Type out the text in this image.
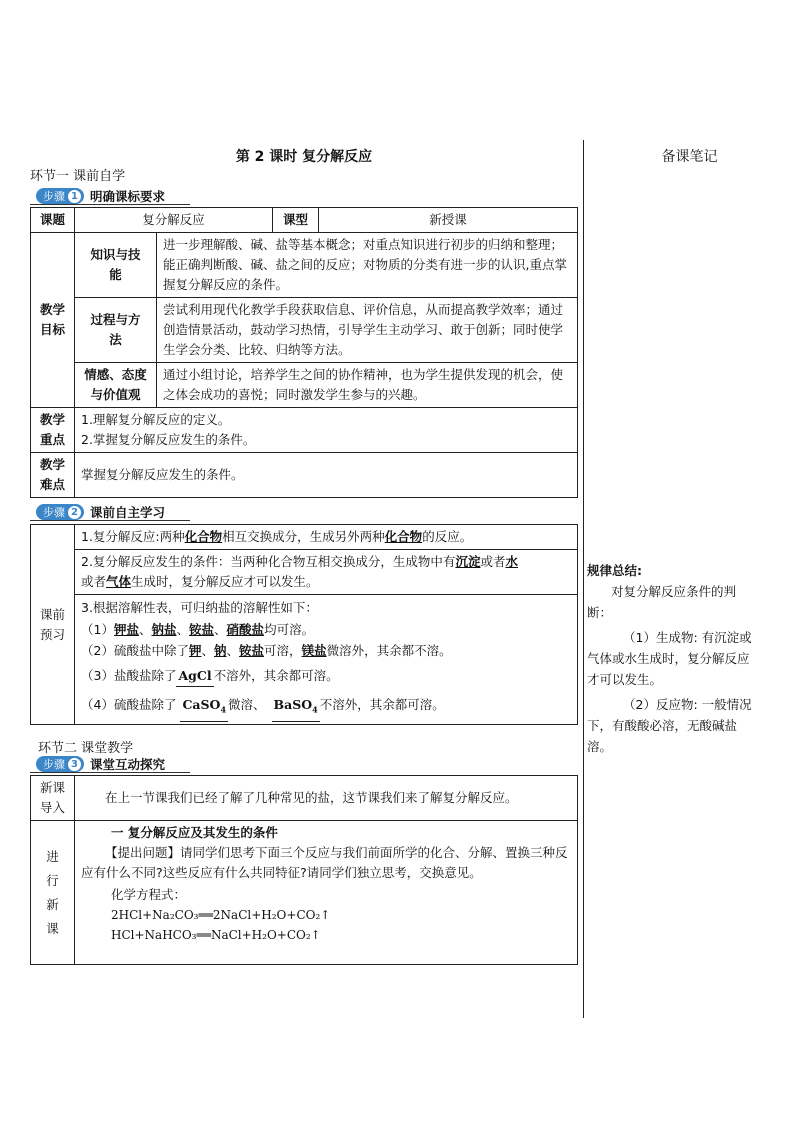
第 2 课时 复分解反应	备课笔记
环节一 课前自学
步骤 1 明确课标要求
课题	复分解反应		课型	新授课
教学目标	知识与技能	进一步理解酸、碱、盐等基本概念；对重点知识进行初步的归纳和整理；能正确判断酸、碱、盐之间的反应；对物质的分类有进一步的认识,重点掌握复分解反应的条件。		
	过程与方法	尝试利用现代化教学手段获取信息、评价信息，从而提高教学效率；通过创造情景活动，鼓动学习热情，引导学生主动学习、敢于创新；同时使学生学会分类、比较、归纳等方法。		
	情感、态度与价值观	通过小组讨论，培养学生之间的协作精神，也为学生提供发现的机会，使之体会成功的喜悦；同时激发学生参与的兴趣。		
教学重点	1.理解复分解反应的定义。
2.掌握复分解反应发生的条件。			

教学难点	掌握复分解反应发生的条件。			
步骤 2 课前自主学习
课前预习	1.复分解反应:两种化合物相互交换成分，生成另外两种化合物的反应。
2.复分解反应发生的条件：当两种化合物互相交换成分，生成物中有沉淀或者水
或者气体生成时，复分解反应才可以发生。

3.根据溶解性表，可归纳盐的溶解性如下：
（1）钾盐、钠盐、铵盐、硝酸盐均可溶。
（2）硫酸盐中除了钾、钠、铵盐可溶，镁盐微溶外，其余都不溶。
（3）盐酸盐除了 AgCl 不溶外，其余都可溶。
（4）硫酸盐除了 CaSO$_4$ 微溶、 BaSO$_4$ 不溶外，其余都可溶。
环节二 课堂教学
步骤 3 课堂互动探究
新课导入	在上一节课我们已经了解了几种常见的盐，这节课我们来了解复分解反应。
进行新课	一 复分解反应及其发生的条件
【提出问题】请同学们思考下面三个反应与我们前面所学的化合、分解、置换三种反应有什么不同?这些反应有什么共同特征?请同学们独立思考，交换意见。
化学方程式：
2HCl+Na₂CO₃══2NaCl+H₂O+CO₂↑
HCl+NaHCO₃══NaCl+H₂O+CO₂↑
规律总结:
对复分解反应条件的判断：
（1）生成物: 有沉淀或气体或水生成时，复分解反应才可以发生。
（2）反应物: 一般情况下，有酸酸必溶，无酸碱盐溶。
